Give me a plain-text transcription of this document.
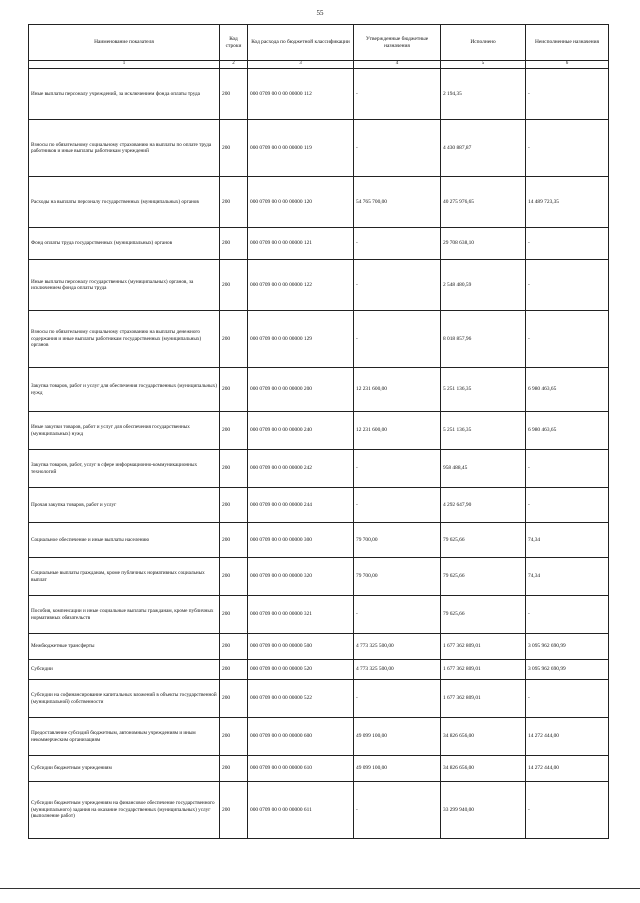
55
Наименование показателя	Код строки	Код расхода по бюджетной классификации	Утвержденные бюджетные назначения	Исполнено	Неисполненные назначения
1	2	3	4	5	6
Иные выплаты персоналу учреждений, за исключением фонда оплаты труда	200	000 0709 00 0 00 00000 112	-	2 194,35	-
Взносы по обязательному социальному страхованию на выплаты по оплате труда работников и иные выплаты работникам учреждений	200	000 0709 00 0 00 00000 119	-	4 430 887,87	-
Расходы на выплаты персоналу государственных (муниципальных) органов	200	000 0709 00 0 00 00000 120	54 765 700,00	40 275 976,65	14 489 723,35
Фонд оплаты труда государственных (муниципальных) органов	200	000 0709 00 0 00 00000 121	-	29 708 638,10	-
Иные выплаты персоналу государственных (муниципальных) органов, за исключением фонда оплаты труда	200	000 0709 00 0 00 00000 122	-	2 548 480,59	-
Взносы по обязательному социальному страхованию на выплаты денежного содержания и иные выплаты работникам государственных (муниципальных) органов	200	000 0709 00 0 00 00000 129	-	8 018 857,96	-
Закупка товаров, работ и услуг для обеспечения государственных (муниципальных) нужд	200	000 0709 00 0 00 00000 200	12 231 600,00	5 251 136,35	6 980 463,65
Иные закупки товаров, работ и услуг для обеспечения государственных (муниципальных) нужд	200	000 0709 00 0 00 00000 240	12 231 600,00	5 251 136,35	6 980 463,65
Закупка товаров, работ, услуг в сфере информационно-коммуникационных технологий	200	000 0709 00 0 00 00000 242	-	958 488,45	-
Прочая закупка товаров, работ и услуг	200	000 0709 00 0 00 00000 244	-	4 292 647,90	-
Социальное обеспечение и иные выплаты населению	200	000 0709 00 0 00 00000 300	79 700,00	79 625,66	74,34
Социальные выплаты гражданам, кроме публичных нормативных социальных выплат	200	000 0709 00 0 00 00000 320	79 700,00	79 625,66	74,34
Пособия, компенсации и иные социальные выплаты гражданам, кроме публичных нормативных обязательств	200	000 0709 00 0 00 00000 321	-	79 625,66	-
Межбюджетные трансферты	200	000 0709 00 0 00 00000 500	4 773 325 500,00	1 677 362 809,01	3 095 962 690,99
Субсидии	200	000 0709 00 0 00 00000 520	4 773 325 500,00	1 677 362 809,01	3 095 962 690,99
Субсидии на софинансирование капитальных вложений в объекты государственной (муниципальной) собственности	200	000 0709 00 0 00 00000 522	-	1 677 362 809,01	-
Предоставление субсидий бюджетным, автономным учреждениям и иным некоммерческим организациям	200	000 0709 00 0 00 00000 600	49 099 100,00	34 826 656,00	14 272 444,00
Субсидии бюджетным учреждениям	200	000 0709 00 0 00 00000 610	49 099 100,00	34 826 656,00	14 272 444,00
Субсидии бюджетным учреждениям на финансовое обеспечение государственного (муниципального) задания на оказание государственных (муниципальных) услуг (выполнение работ)	200	000 0709 00 0 00 00000 611	-	33 299 940,00	-
